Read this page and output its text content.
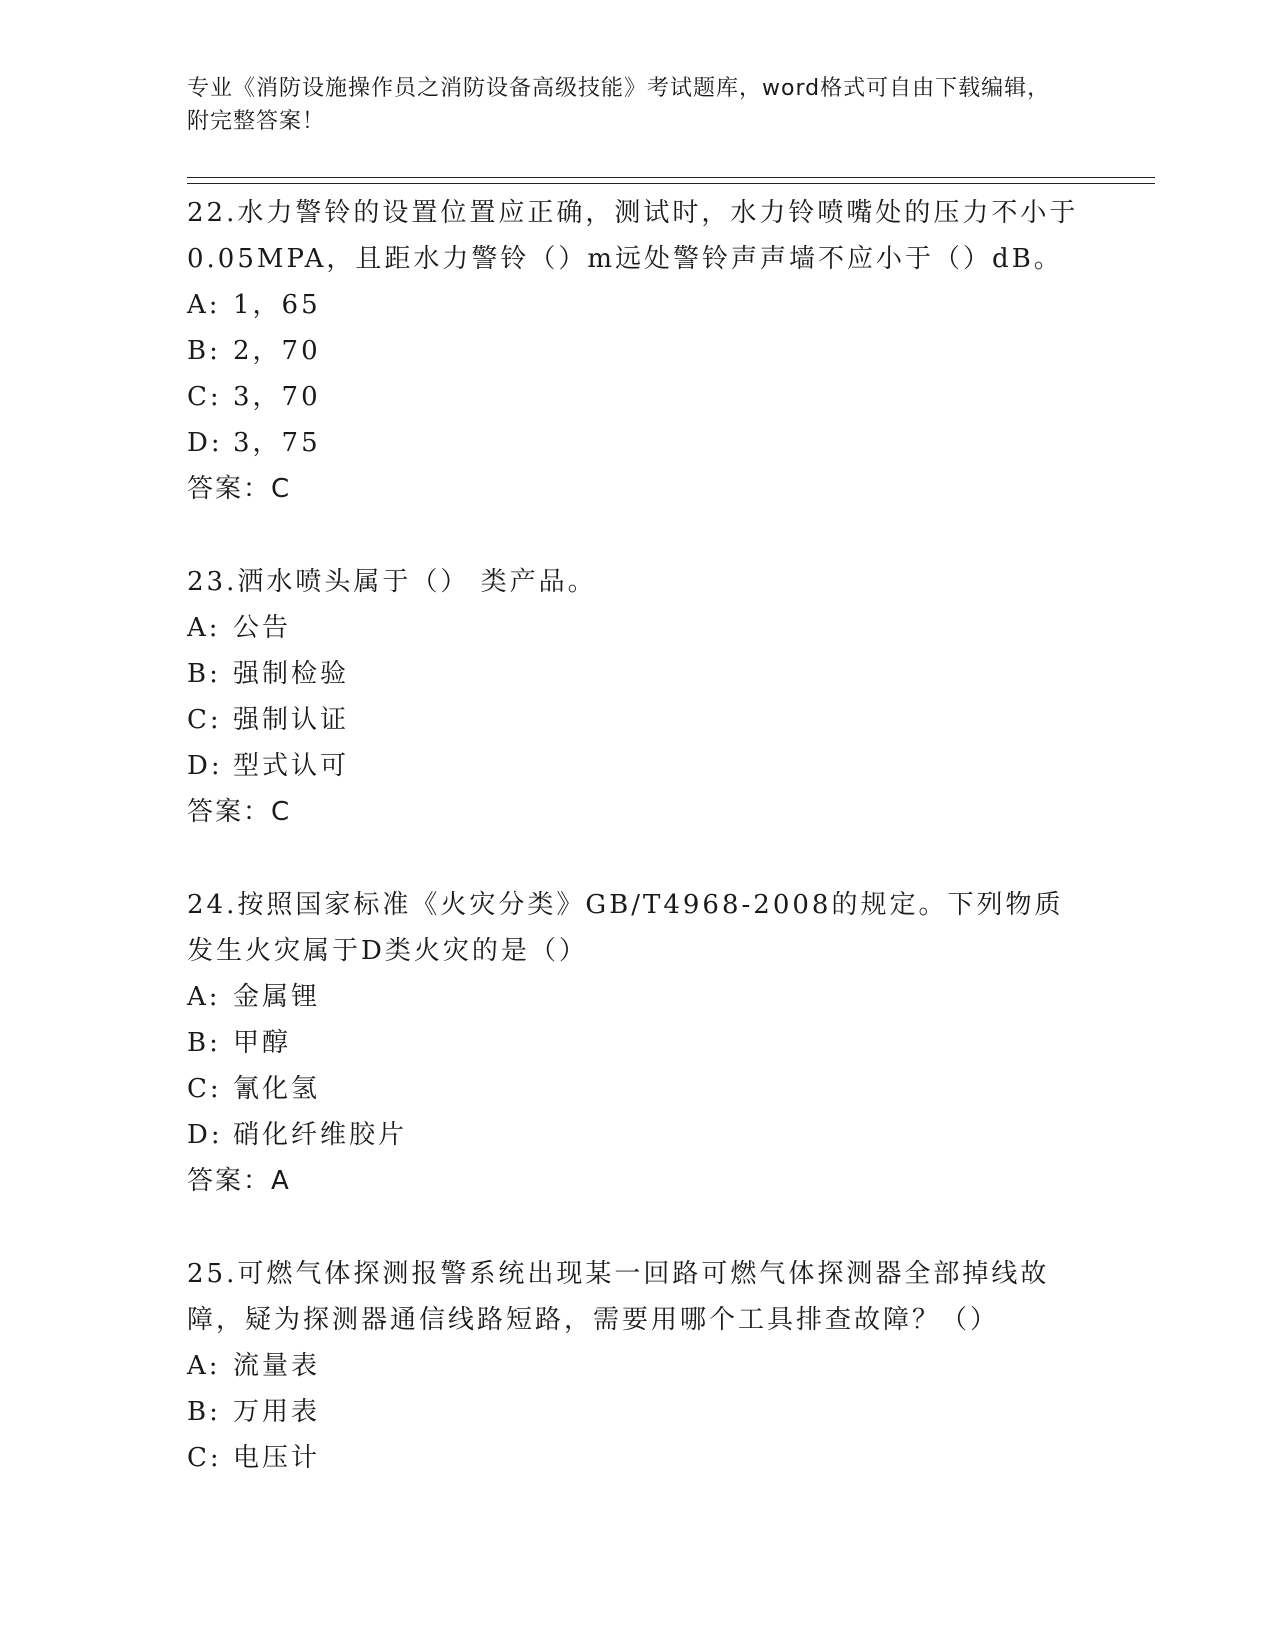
专业《消防设施操作员之消防设备高级技能》考试题库，word格式可自由下载编辑，附完整答案！
22.水力警铃的设置位置应正确，测试时，水力铃喷嘴处的压力不小于0.05MPA，且距水力警铃（）m远处警铃声声墙不应小于（）dB。
A: 1，65
B: 2，70
C: 3，70
D: 3，75
答案：C
23.洒水喷头属于（） 类产品。
A: 公告
B: 强制检验
C: 强制认证
D: 型式认可
答案：C
24.按照国家标准《火灾分类》GB/T4968-2008的规定。下列物质发生火灾属于D类火灾的是（）
A: 金属锂
B: 甲醇
C: 氰化氢
D: 硝化纤维胶片
答案：A
25.可燃气体探测报警系统出现某一回路可燃气体探测器全部掉线故障，疑为探测器通信线路短路，需要用哪个工具排查故障？（）
A: 流量表
B: 万用表
C: 电压计
